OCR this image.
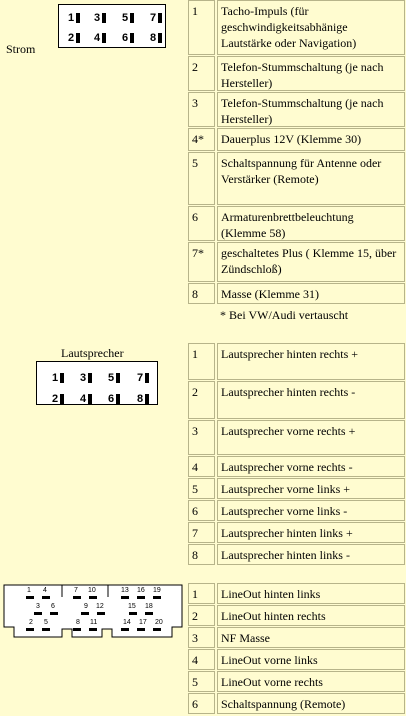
Strom
1 3 5 7
2 4 6 8
1	Tacho-Impuls (für geschwindigkeitsabhänige Lautstärke oder Navigation)
2	Telefon-Stummschaltung (je nach Hersteller)
3	Telefon-Stummschaltung (je nach Hersteller)
4*	Dauerplus 12V (Klemme 30)
5	Schaltspannung für Antenne oder Verstärker (Remote)
6	Armaturenbrettbeleuchtung (Klemme 58)
7*	geschaltetes Plus ( Klemme 15, über Zündschloß)
8	Masse (Klemme 31)
* Bei VW/Audi vertauscht
Lautsprecher
1 3 5 7
2 4 6 8
1	Lautsprecher hinten rechts +
2	Lautsprecher hinten rechts -
3	Lautsprecher vorne rechts +
4	Lautsprecher vorne rechts -
5	Lautsprecher vorne links +
6	Lautsprecher vorne links -
7	Lautsprecher hinten links +
8	Lautsprecher hinten links -
1 4	7 10	13 16 19
3 6	9 12	15 18
2 5	8 11	14 17 20
1	LineOut hinten links
2	LineOut hinten rechts
3	NF Masse
4	LineOut vorne links
5	LineOut vorne rechts
6	Schaltspannung (Remote)
